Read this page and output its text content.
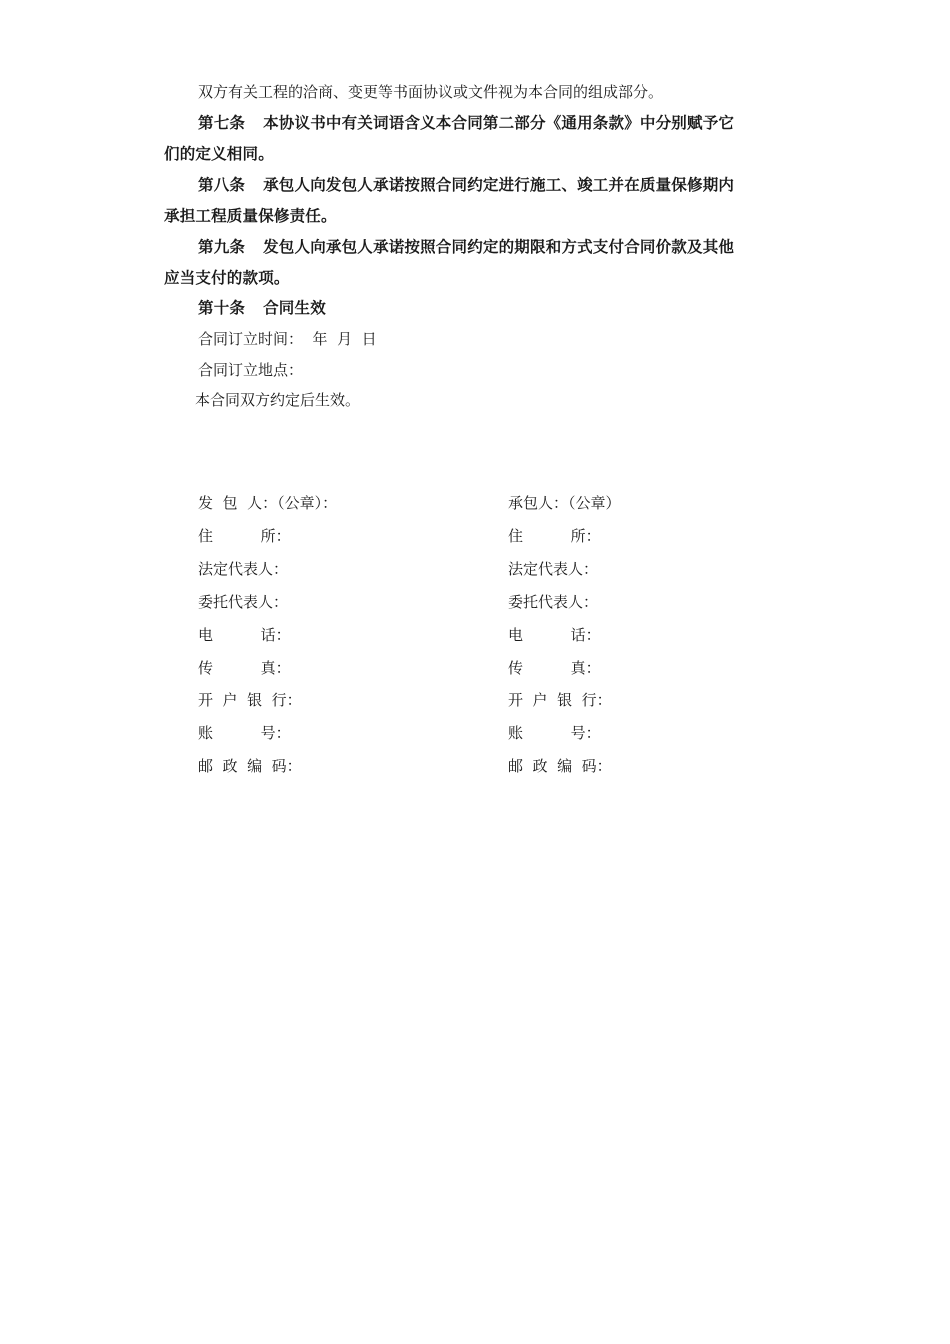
双方有关工程的洽商、变更等书面协议或文件视为本合同的组成部分。
第七条 本协议书中有关词语含义本合同第二部分《通用条款》中分别赋予它
们的定义相同。
第八条 承包人向发包人承诺按照合同约定进行施工、竣工并在质量保修期内
承担工程质量保修责任。
第九条 发包人向承包人承诺按照合同约定的期限和方式支付合同价款及其他
应当支付的款项。
第十条 合同生效
合同订立时间：  年  月  日
合同订立地点：
本合同双方约定后生效。
发  包  人：（公章）：
住          所：
法定代表人：
委托代表人：
电          话：
传          真：
开  户  银  行：
账          号：
邮  政  编  码：
承包人：（公章）
住          所：
法定代表人：
委托代表人：
电          话：
传          真：
开  户  银  行：
账          号：
邮  政  编  码：
